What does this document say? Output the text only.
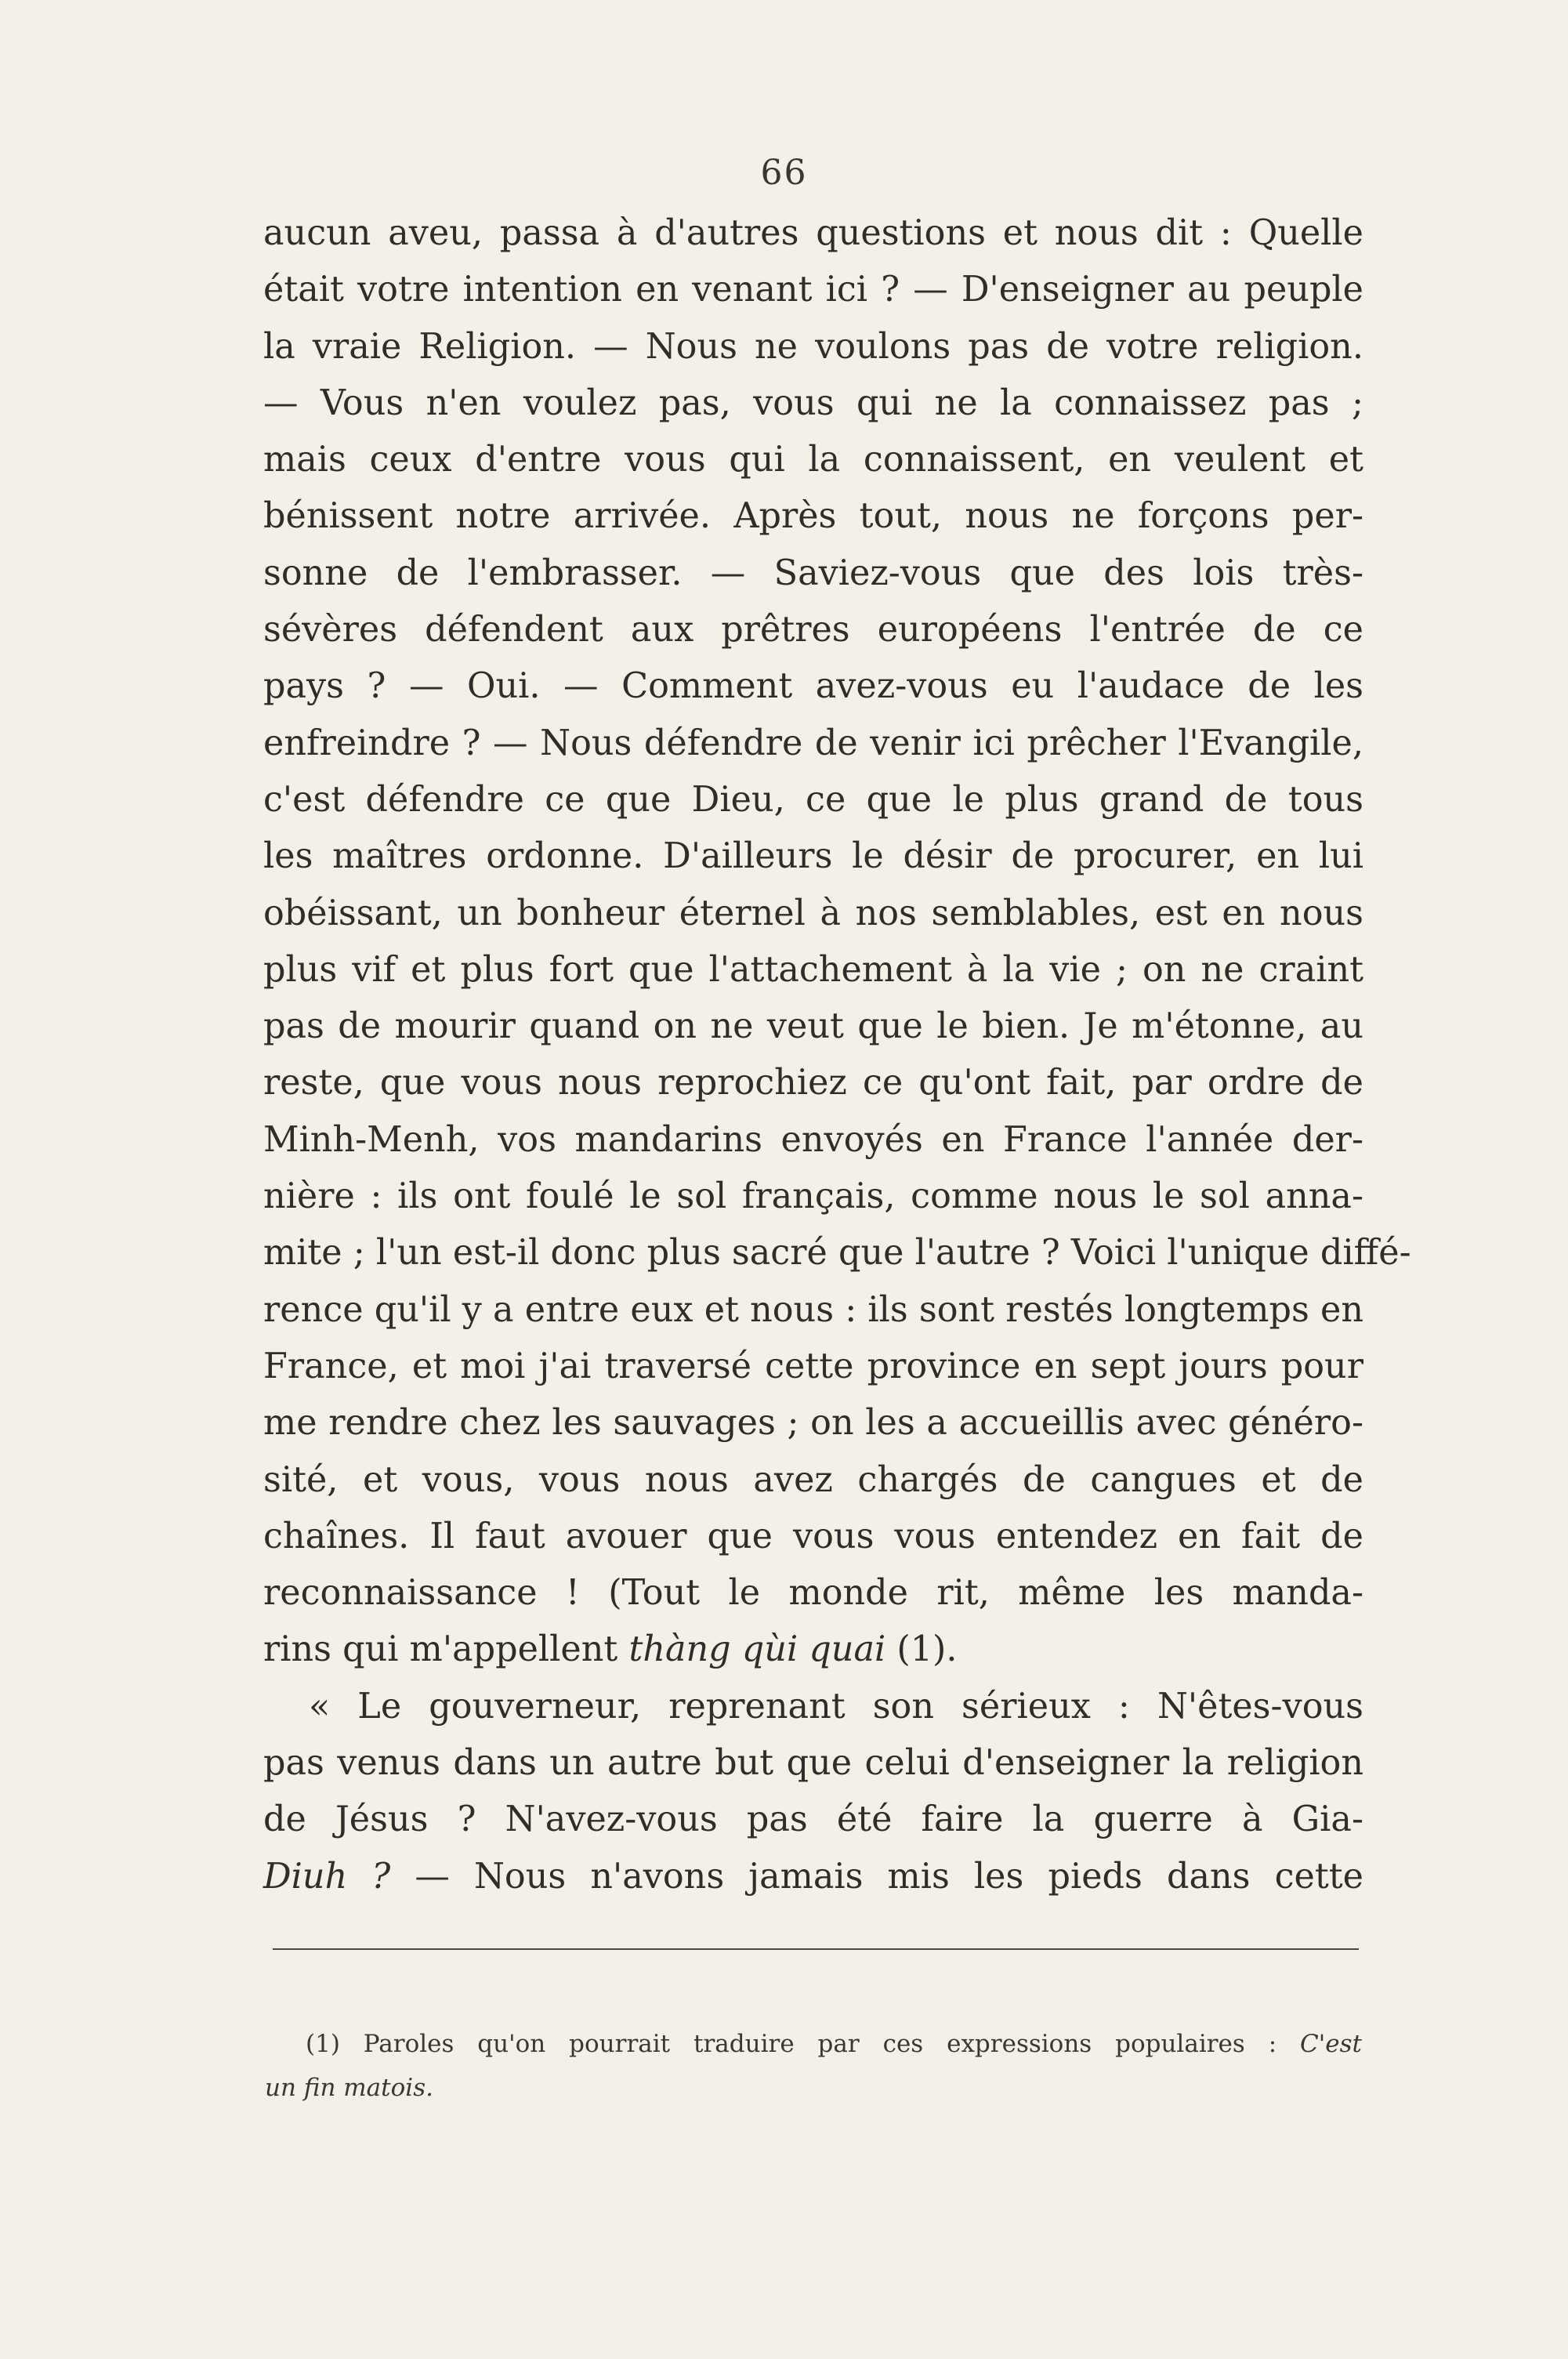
66
aucun aveu, passa à d'autres questions et nous dit : Quelle
était votre intention en venant ici ? — D'enseigner au peuple
la vraie Religion. — Nous ne voulons pas de votre religion.
— Vous n'en voulez pas, vous qui ne la connaissez pas ;
mais ceux d'entre vous qui la connaissent, en veulent et
bénissent notre arrivée. Après tout, nous ne forçons per-
sonne de l'embrasser. — Saviez-vous que des lois très-
sévères défendent aux prêtres européens l'entrée de ce
pays ? — Oui. — Comment avez-vous eu l'audace de les
enfreindre ? — Nous défendre de venir ici prêcher l'Evangile,
c'est défendre ce que Dieu, ce que le plus grand de tous
les maîtres ordonne. D'ailleurs le désir de procurer, en lui
obéissant, un bonheur éternel à nos semblables, est en nous
plus vif et plus fort que l'attachement à la vie ; on ne craint
pas de mourir quand on ne veut que le bien. Je m'étonne, au
reste, que vous nous reprochiez ce qu'ont fait, par ordre de
Minh-Menh, vos mandarins envoyés en France l'année der-
nière : ils ont foulé le sol français, comme nous le sol anna-
mite ; l'un est-il donc plus sacré que l'autre ? Voici l'unique diffé-
rence qu'il y a entre eux et nous : ils sont restés longtemps en
France, et moi j'ai traversé cette province en sept jours pour
me rendre chez les sauvages ; on les a accueillis avec généro-
sité, et vous, vous nous avez chargés de cangues et de
chaînes. Il faut avouer que vous vous entendez en fait de
reconnaissance ! (Tout le monde rit, même les manda-
rins qui m'appellent thàng qùi quai (1).
« Le gouverneur, reprenant son sérieux : N'êtes-vous
pas venus dans un autre but que celui d'enseigner la religion
de Jésus ? N'avez-vous pas été faire la guerre à Gia-
Diuh ? — Nous n'avons jamais mis les pieds dans cette
(1) Paroles qu'on pourrait traduire par ces expressions populaires : C'est
un fin matois.
